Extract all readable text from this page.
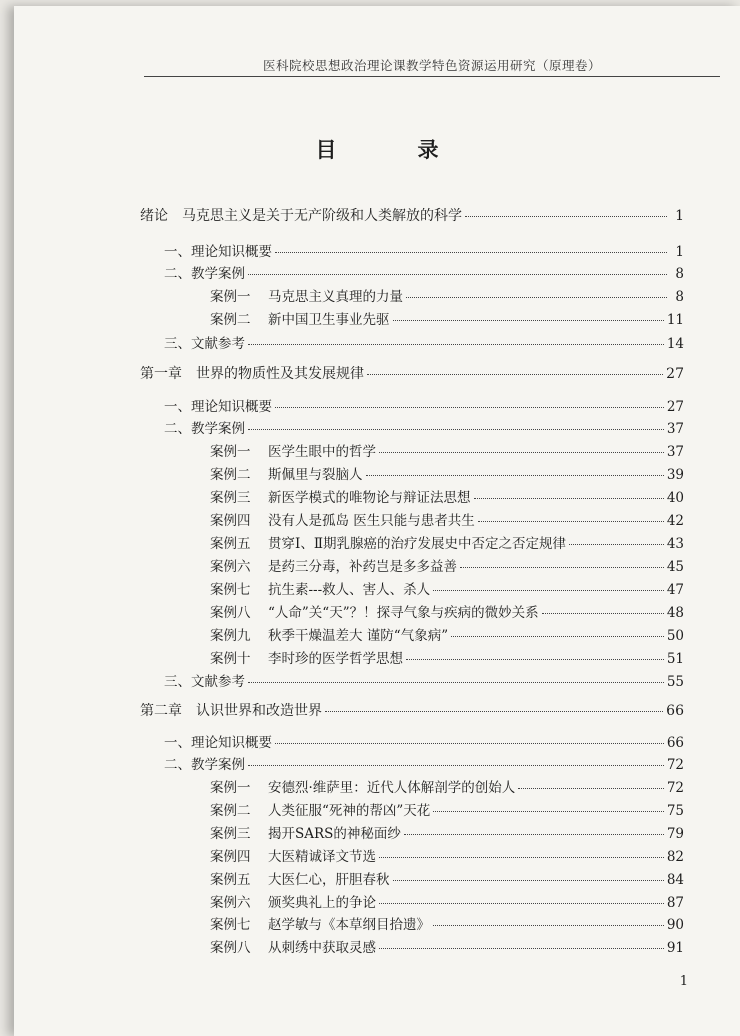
医科院校思想政治理论课教学特色资源运用研究（原理卷）
目　录
绪论　马克思主义是关于无产阶级和人类解放的科学	1
一、理论知识概要	1
二、教学案例	8
案例一	马克思主义真理的力量	8
案例二	新中国卫生事业先驱	11
三、文献参考	14
第一章　世界的物质性及其发展规律	27
一、理论知识概要	27
二、教学案例	37
案例一	医学生眼中的哲学	37
案例二	斯佩里与裂脑人	39
案例三	新医学模式的唯物论与辩证法思想	40
案例四	没有人是孤岛 医生只能与患者共生	42
案例五	贯穿Ⅰ、Ⅱ期乳腺癌的治疗发展史中否定之否定规律	43
案例六	是药三分毒，补药岂是多多益善	45
案例七	抗生素---救人、害人、杀人	47
案例八	“人命”关“天”？！探寻气象与疾病的微妙关系	48
案例九	秋季干燥温差大 谨防“气象病”	50
案例十	李时珍的医学哲学思想	51
三、文献参考	55
第二章　认识世界和改造世界	66
一、理论知识概要	66
二、教学案例	72
案例一	安德烈·维萨里：近代人体解剖学的创始人	72
案例二	人类征服“死神的帮凶”天花	75
案例三	揭开SARS的神秘面纱	79
案例四	大医精诚译文节选	82
案例五	大医仁心，肝胆春秋	84
案例六	颁奖典礼上的争论	87
案例七	赵学敏与《本草纲目拾遗》	90
案例八	从刺绣中获取灵感	91
1
